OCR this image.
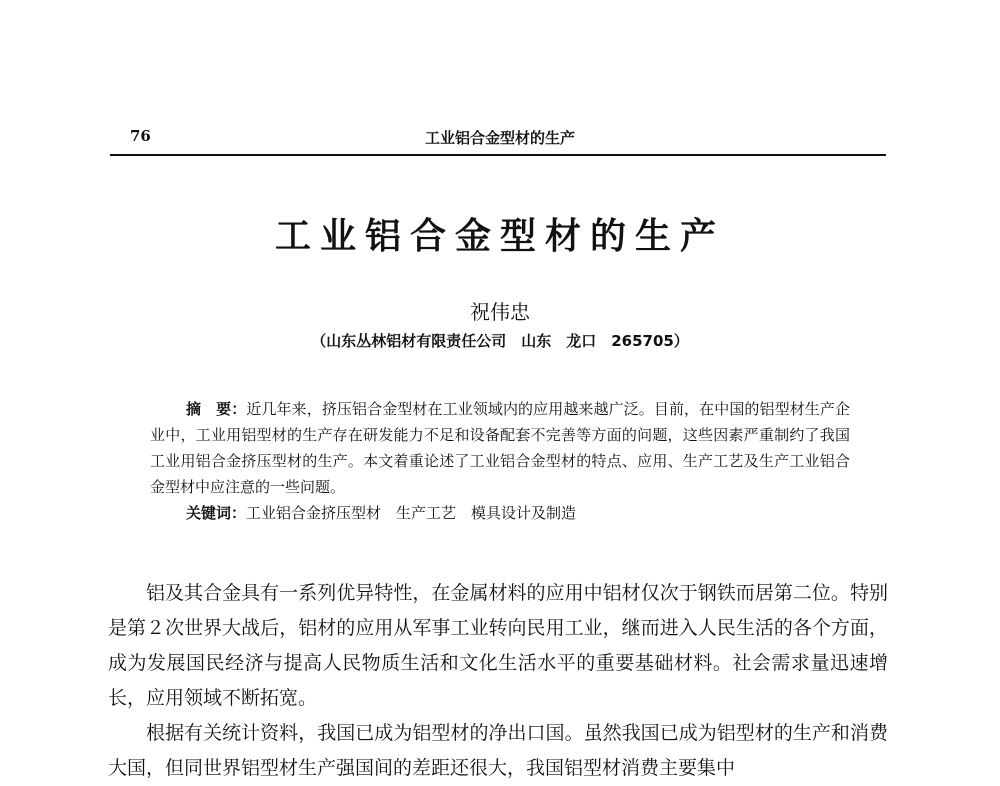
76	工业铝合金型材的生产
工业铝合金型材的生产
祝伟忠
（山东丛林铝材有限责任公司　山东　龙口　265705）

摘　要：近几年来，挤压铝合金型材在工业领域内的应用越来越广泛。目前，在中国的铝型材生产企业中，工业用铝型材的生产存在研发能力不足和设备配套不完善等方面的问题，这些因素严重制约了我国工业用铝合金挤压型材的生产。本文着重论述了工业铝合金型材的特点、应用、生产工艺及生产工业铝合金型材中应注意的一些问题。

关键词：工业铝合金挤压型材　生产工艺　模具设计及制造

铝及其合金具有一系列优异特性，在金属材料的应用中铝材仅次于钢铁而居第二位。特别是第２次世界大战后，铝材的应用从军事工业转向民用工业，继而进入人民生活的各个方面，成为发展国民经济与提高人民物质生活和文化生活水平的重要基础材料。社会需求量迅速增长，应用领域不断拓宽。

根据有关统计资料，我国已成为铝型材的净出口国。虽然我国已成为铝型材的生产和消费大国，但同世界铝型材生产强国间的差距还很大，我国铝型材消费主要集中
